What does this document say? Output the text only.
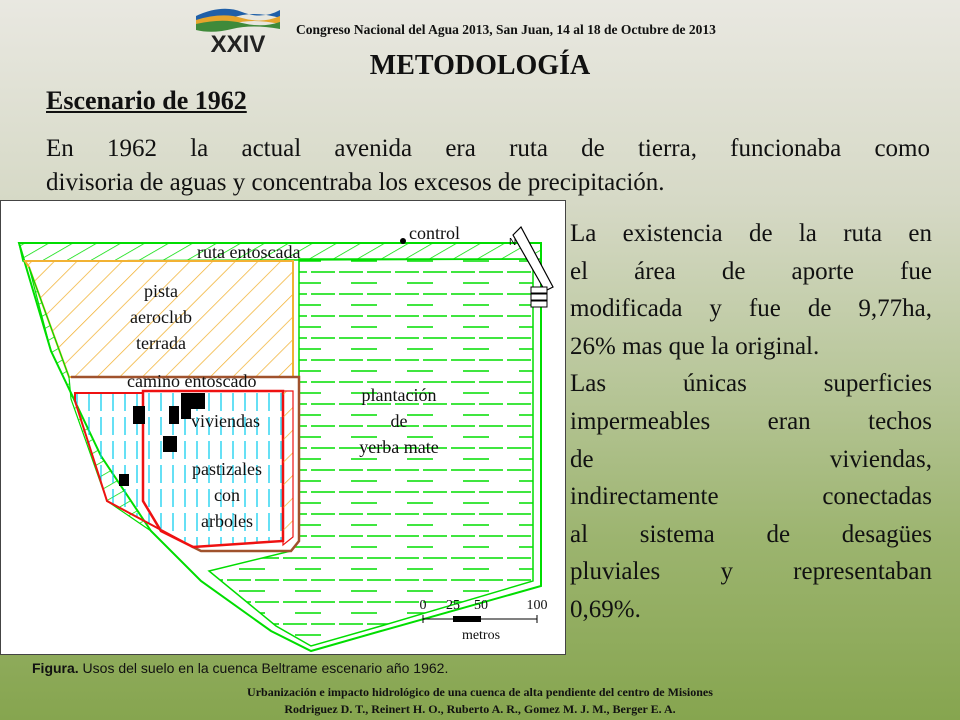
XXIV
Congreso Nacional del Agua 2013, San Juan, 14 al 18 de Octubre de 2013
METODOLOGÍA
Escenario de 1962
En 1962 la actual avenida era ruta de tierra, funcionaba como
divisoria de aguas y concentraba los excesos de precipitación.
control
ruta entoscada
pista
aeroclub
terrada
camino entoscado
viviendas
pastizales
con
arboles
plantación
de
yerba mate
N
0 25 50	100
metros
La existencia de la ruta en
el área de aporte fue
modificada y fue de 9,77ha,
26% mas que la original.
Las únicas superficies
impermeables eran techos
de viviendas,
indirectamente conectadas
al sistema de desagües
pluviales y representaban
0,69%.
Figura. Usos del suelo en la cuenca Beltrame escenario año 1962.
Urbanización e impacto hidrológico de una cuenca de alta pendiente del centro de Misiones
Rodriguez D. T., Reinert H. O., Ruberto A. R., Gomez M. J. M., Berger E. A.
